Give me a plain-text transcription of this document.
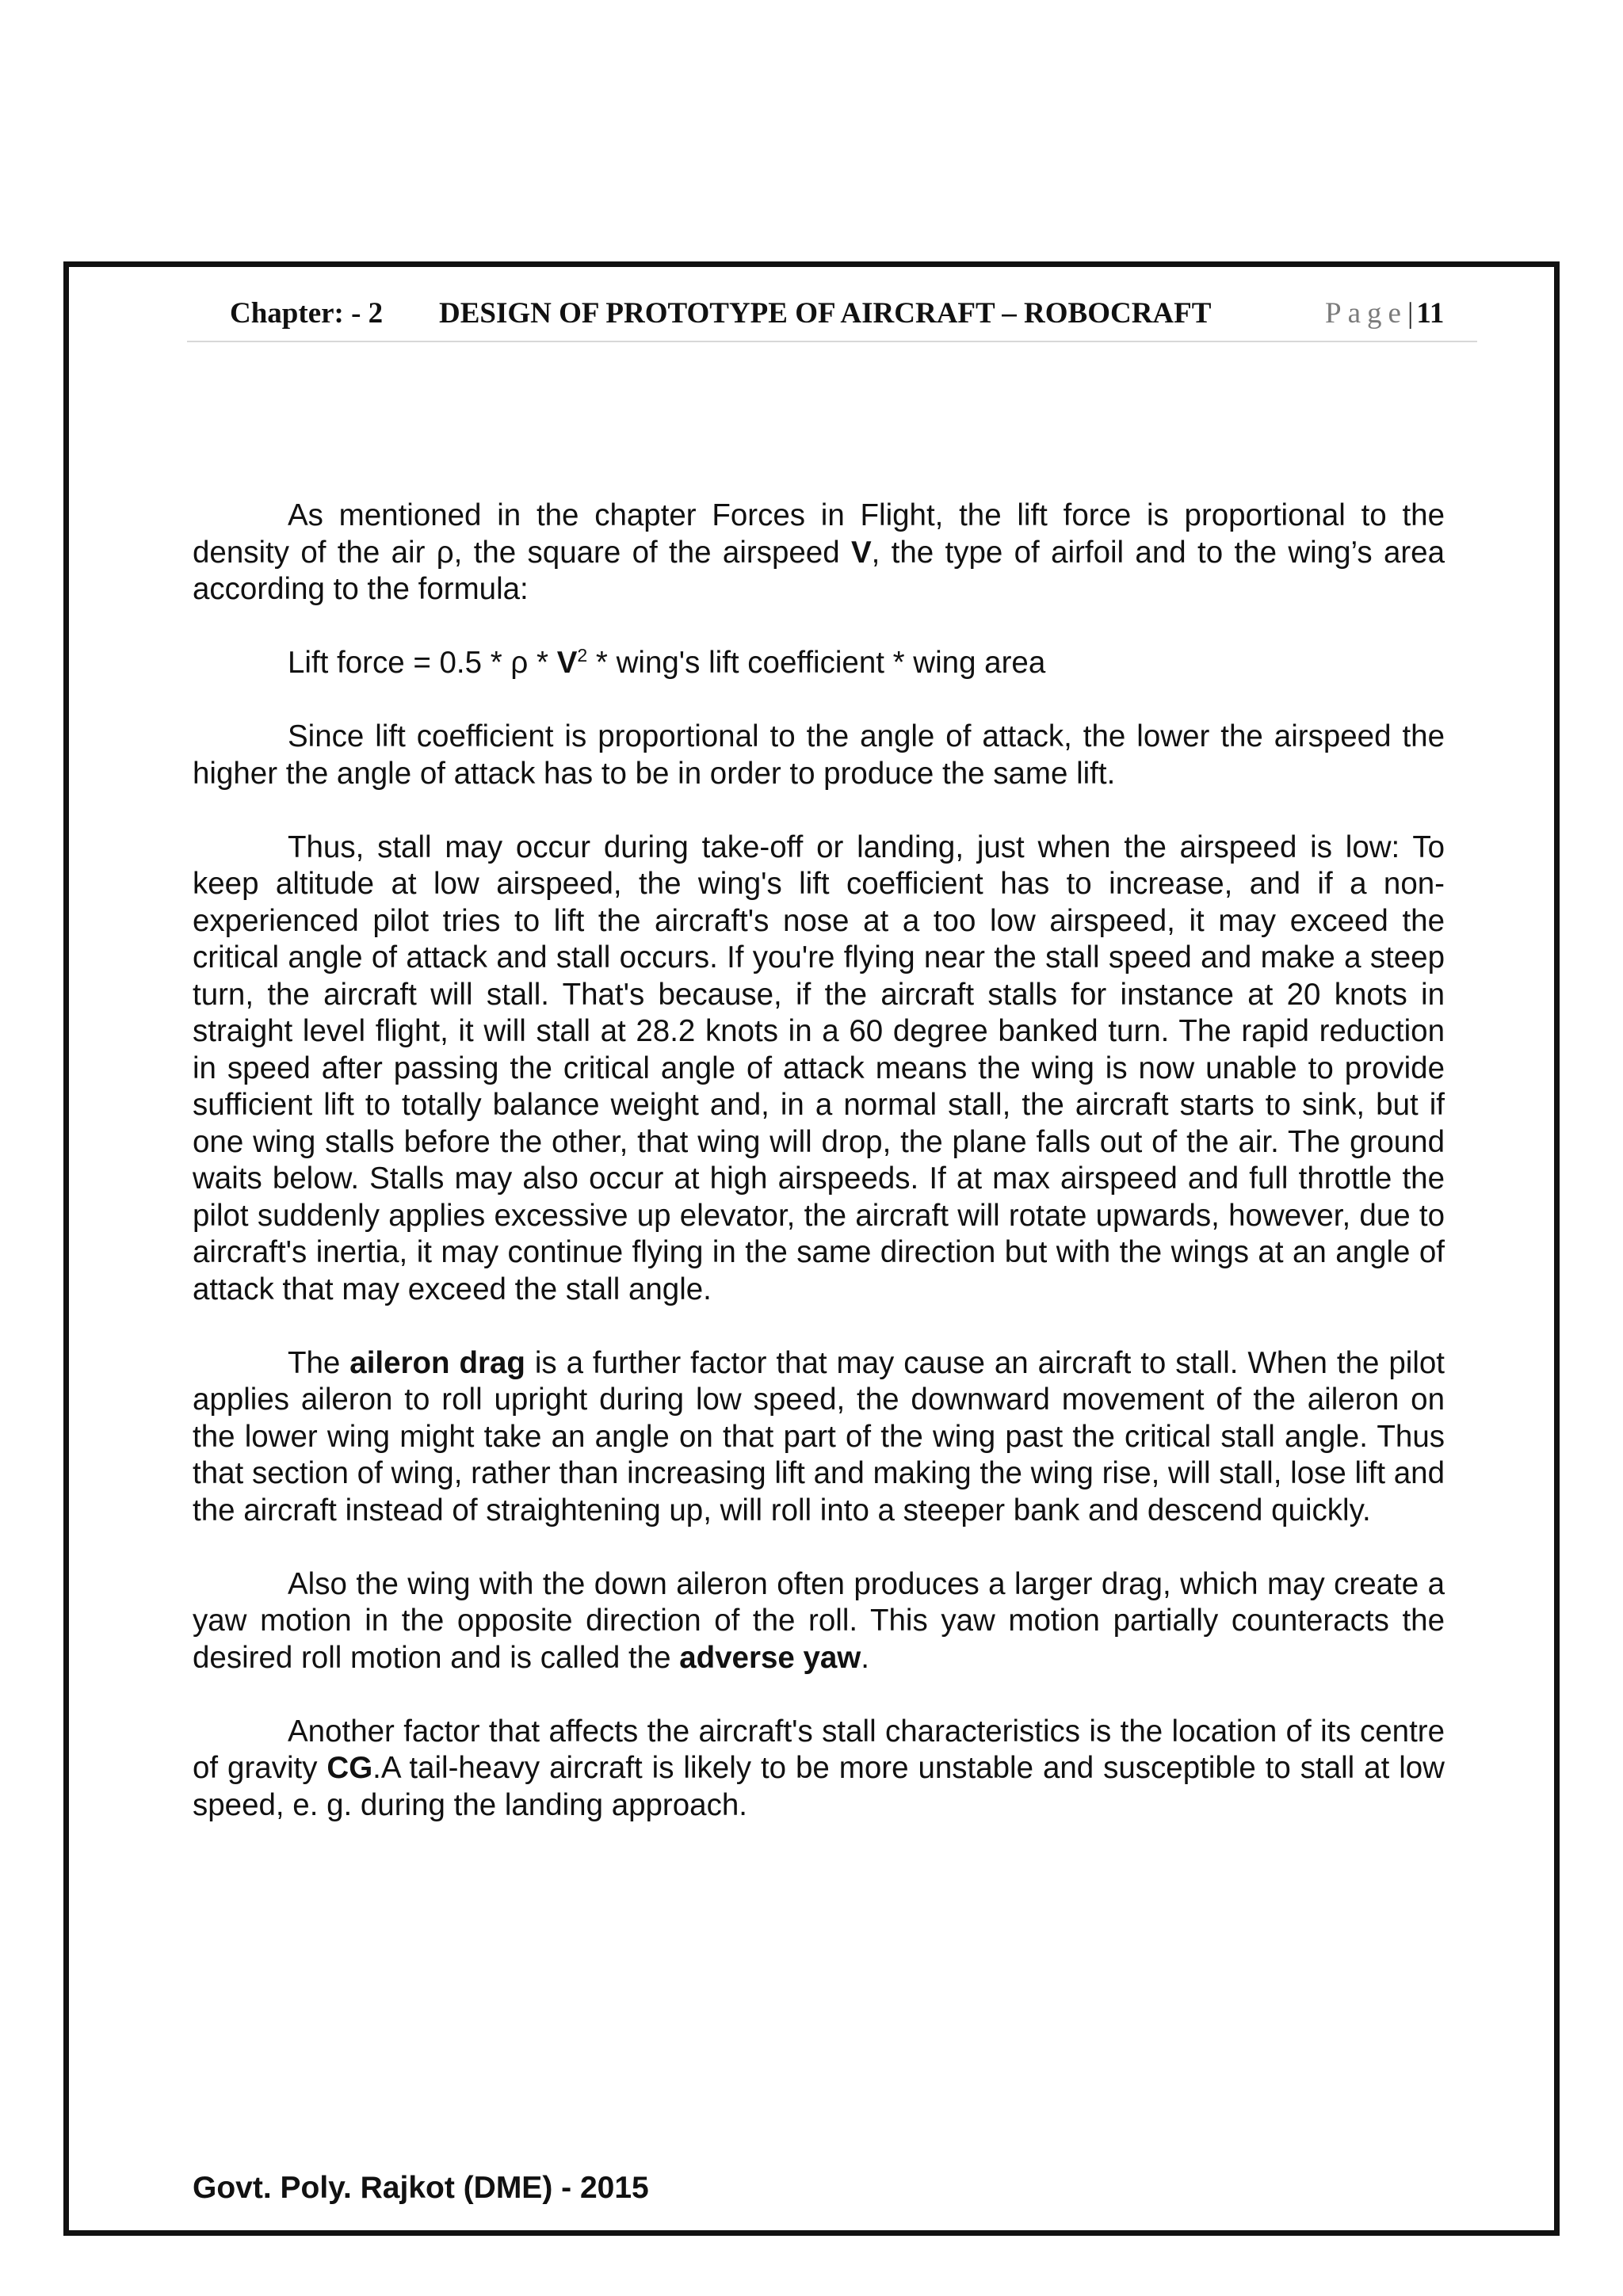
Chapter: - 2 DESIGN OF PROTOTYPE OF AIRCRAFT – ROBOCRAFT	Page| 11

As mentioned in the chapter Forces in Flight, the lift force is proportional to the density of the air ρ, the square of the airspeed V, the type of airfoil and to the wing’s area according to the formula:

Lift force = 0.5 * ρ * $V^2$ * wing's lift coefficient * wing area

Since lift coefficient is proportional to the angle of attack, the lower the airspeed the higher the angle of attack has to be in order to produce the same lift.

Thus, stall may occur during take-off or landing, just when the airspeed is low: To keep altitude at low airspeed, the wing's lift coefficient has to increase, and if a non-experienced pilot tries to lift the aircraft's nose at a too low airspeed, it may exceed the critical angle of attack and stall occurs. If you're flying near the stall speed and make a steep turn, the aircraft will stall. That's because, if the aircraft stalls for instance at 20 knots in straight level flight, it will stall at 28.2 knots in a 60 degree banked turn. The rapid reduction in speed after passing the critical angle of attack means the wing is now unable to provide sufficient lift to totally balance weight and, in a normal stall, the aircraft starts to sink, but if one wing stalls before the other, that wing will drop, the plane falls out of the air. The ground waits below. Stalls may also occur at high airspeeds. If at max airspeed and full throttle the pilot suddenly applies excessive up elevator, the aircraft will rotate upwards, however, due to aircraft's inertia, it may continue flying in the same direction but with the wings at an angle of attack that may exceed the stall angle.

The aileron drag is a further factor that may cause an aircraft to stall. When the pilot applies aileron to roll upright during low speed, the downward movement of the aileron on the lower wing might take an angle on that part of the wing past the critical stall angle. Thus that section of wing, rather than increasing lift and making the wing rise, will stall, lose lift and the aircraft instead of straightening up, will roll into a steeper bank and descend quickly.

Also the wing with the down aileron often produces a larger drag, which may create a yaw motion in the opposite direction of the roll. This yaw motion partially counteracts the desired roll motion and is called the adverse yaw.

Another factor that affects the aircraft's stall characteristics is the location of its centre of gravity CG.A tail-heavy aircraft is likely to be more unstable and susceptible to stall at low speed, e. g. during the landing approach.

Govt. Poly. Rajkot (DME) - 2015
